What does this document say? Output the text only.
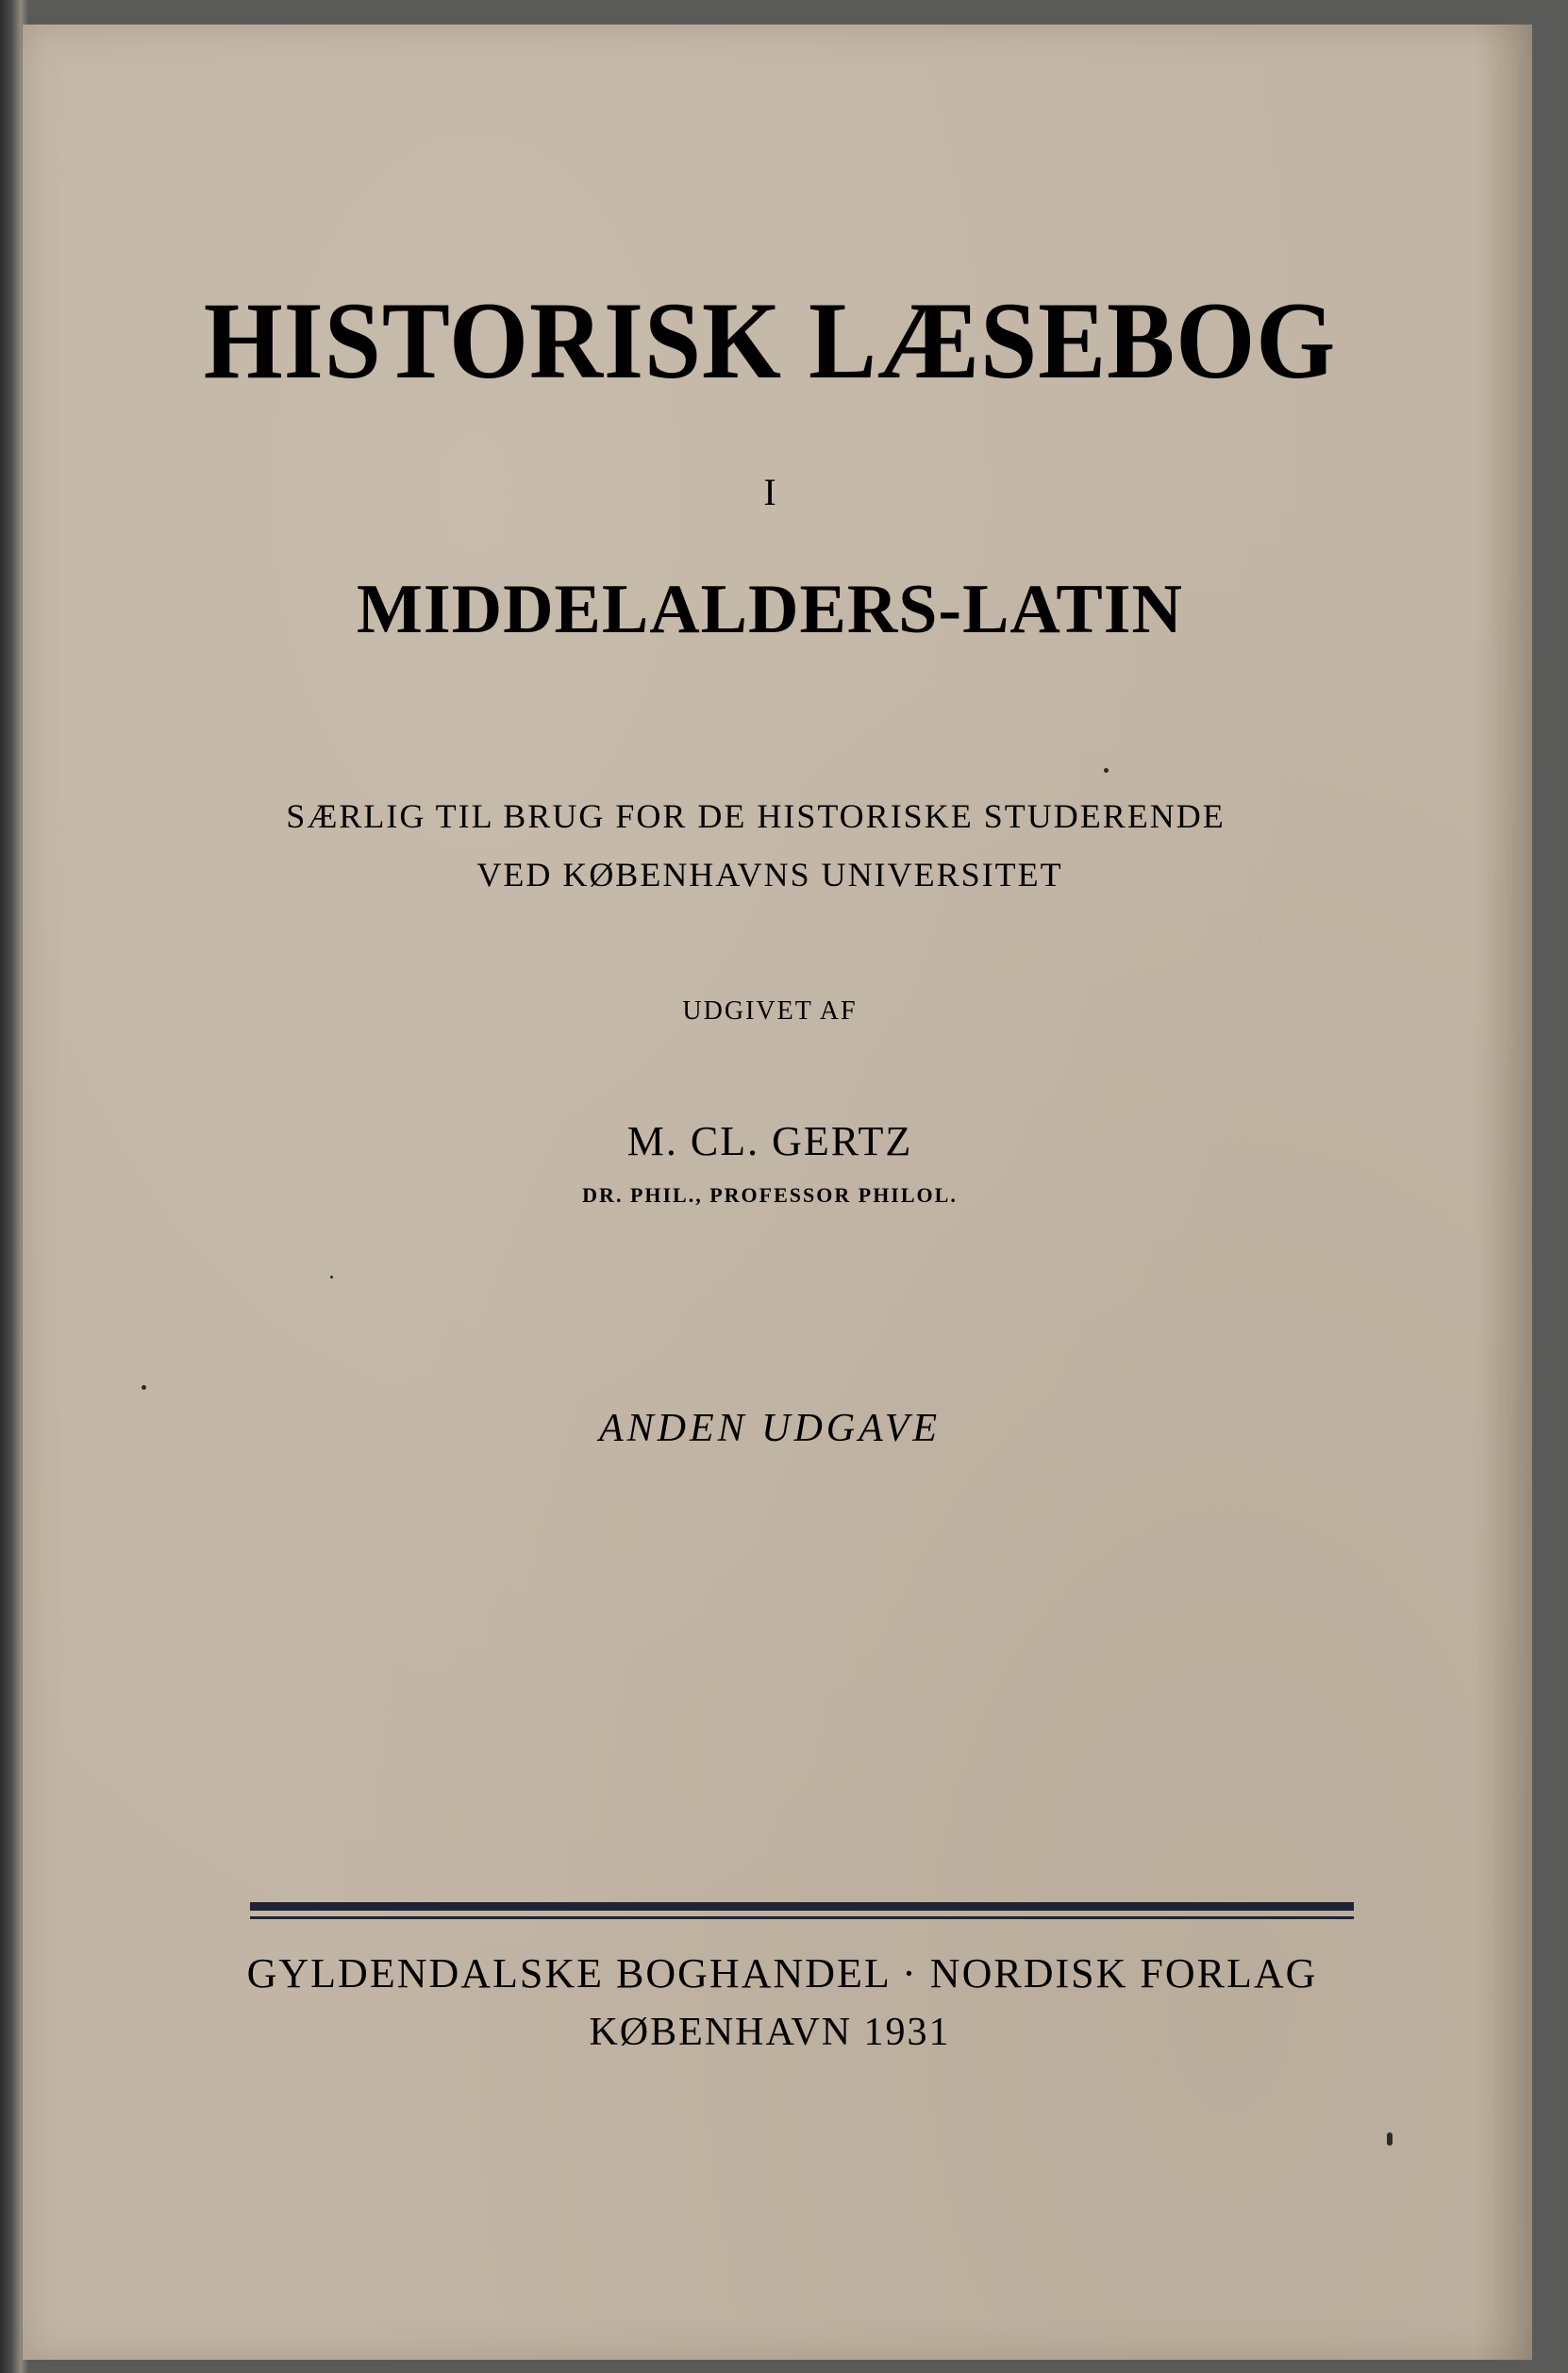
HISTORISK LÆSEBOG
I
MIDDELALDERS-LATIN
SÆRLIG TIL BRUG FOR DE HISTORISKE STUDERENDE
VED KØBENHAVNS UNIVERSITET
UDGIVET AF
M. CL. GERTZ
DR. PHIL., PROFESSOR PHILOL.
ANDEN UDGAVE
GYLDENDALSKE BOGHANDEL · NORDISK FORLAG
KØBENHAVN 1931
